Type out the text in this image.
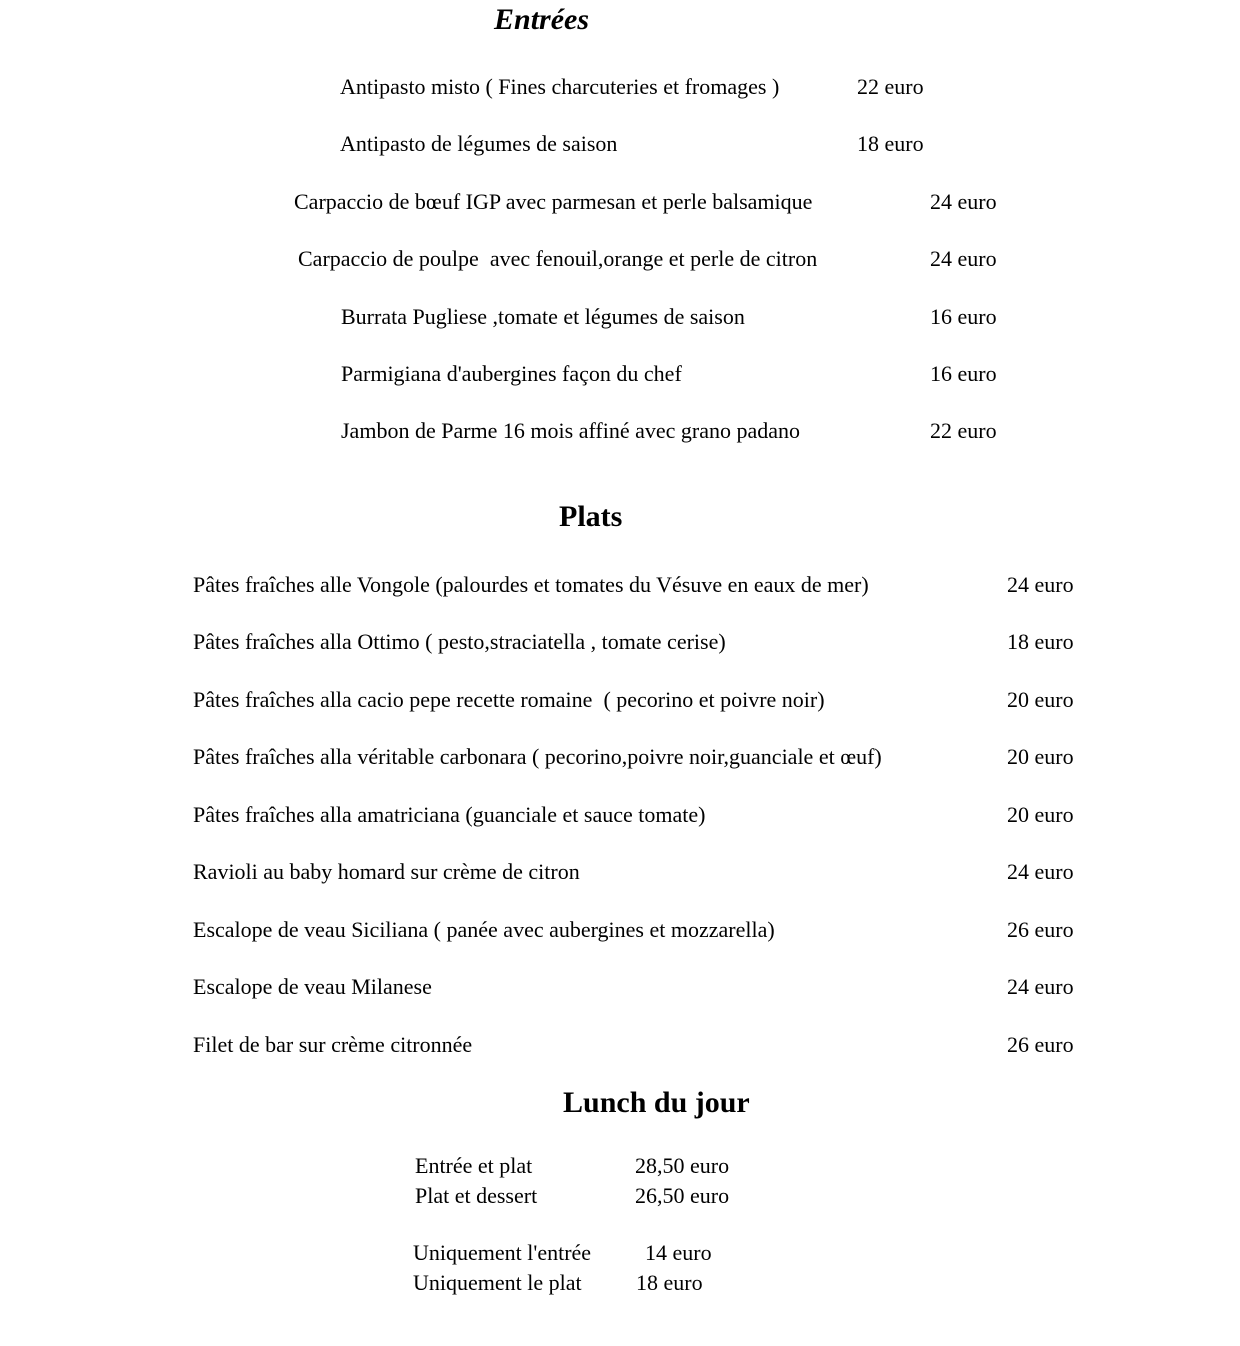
Entrées
Antipasto misto ( Fines charcuteries et fromages )	22 euro
Antipasto de légumes de saison	18 euro
Carpaccio de bœuf IGP avec parmesan et perle balsamique	24 euro
Carpaccio de poulpe  avec fenouil,orange et perle de citron	24 euro
Burrata Pugliese ,tomate et légumes de saison	16 euro
Parmigiana d'aubergines façon du chef	16 euro
Jambon de Parme 16 mois affiné avec grano padano	22 euro
Plats
Pâtes fraîches alle Vongole (palourdes et tomates du Vésuve en eaux de mer)	24 euro
Pâtes fraîches alla Ottimo ( pesto,straciatella , tomate cerise)	18 euro
Pâtes fraîches alla cacio pepe recette romaine  ( pecorino et poivre noir)	20 euro
Pâtes fraîches alla véritable carbonara ( pecorino,poivre noir,guanciale et œuf)	20 euro
Pâtes fraîches alla amatriciana (guanciale et sauce tomate)	20 euro
Ravioli au baby homard sur crème de citron	24 euro
Escalope de veau Siciliana ( panée avec aubergines et mozzarella)	26 euro
Escalope de veau Milanese	24 euro
Filet de bar sur crème citronnée	26 euro
Lunch du jour
Entrée et plat	28,50 euro
Plat et dessert	26,50 euro
Uniquement l'entrée 14 euro
Uniquement le plat 18 euro
